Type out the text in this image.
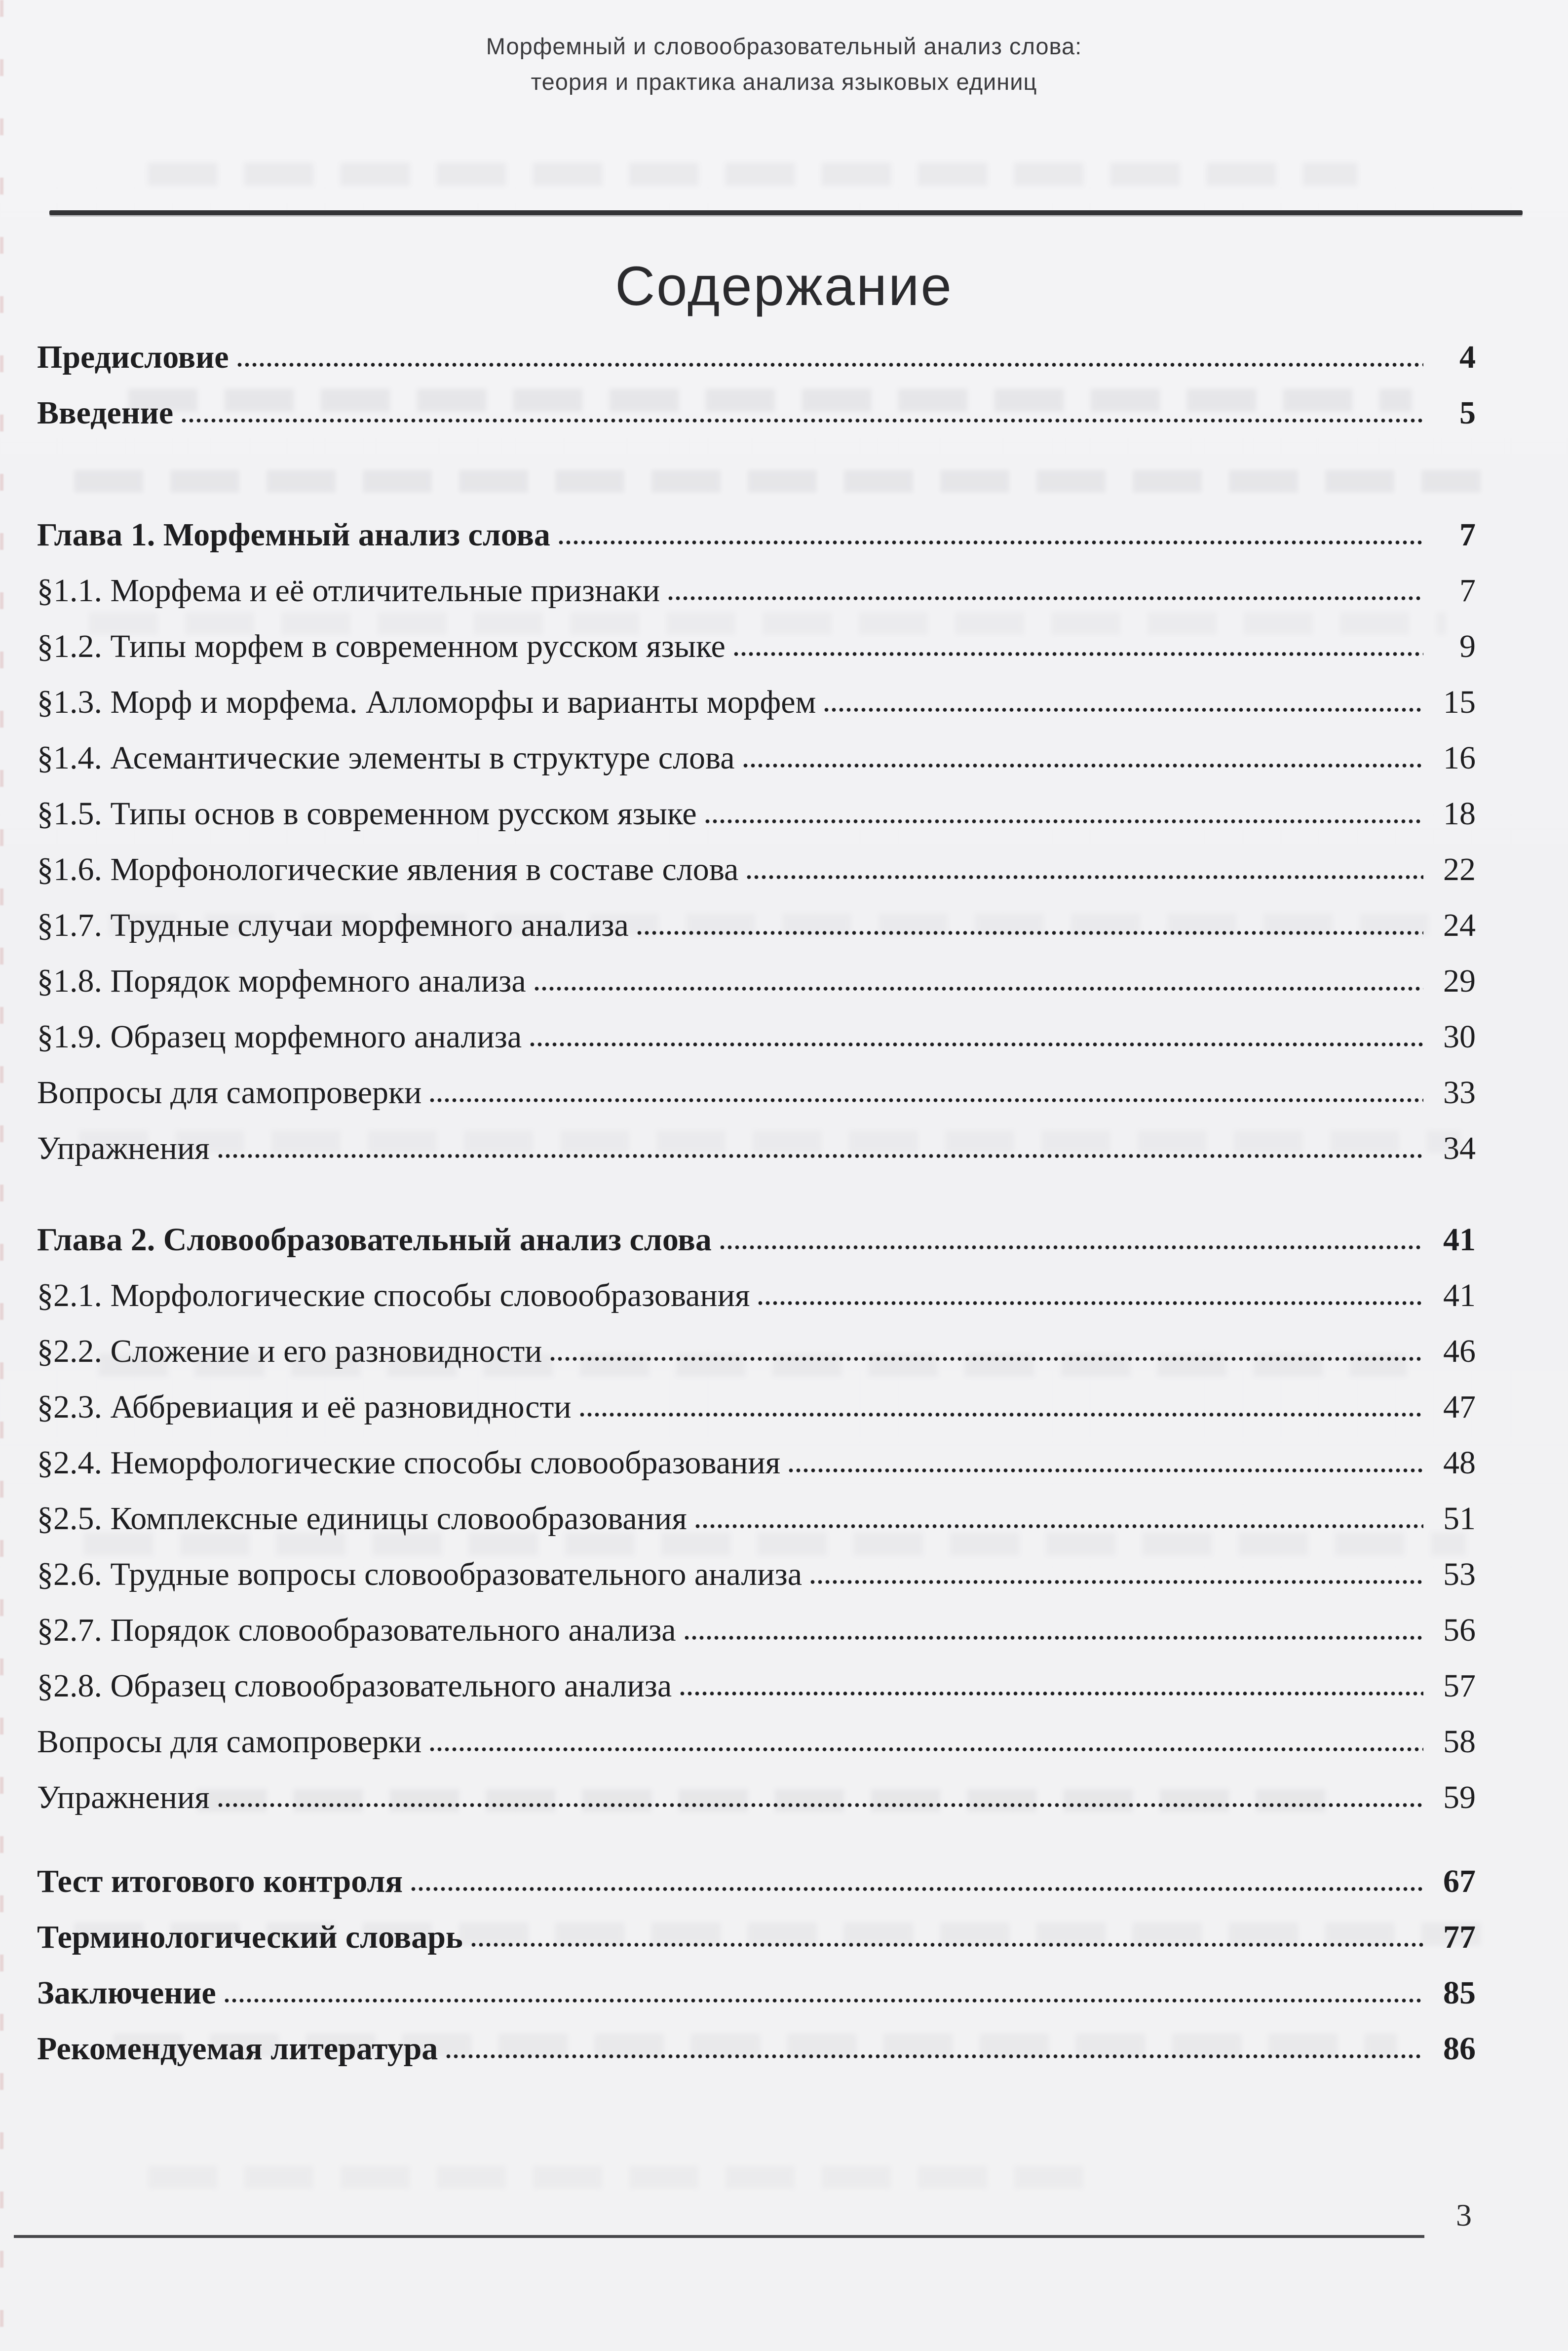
Морфемный и словообразовательный анализ слова:
теория и практика анализа языковых единиц
Содержание
Предисловие	4
Введение	5
Глава 1. Морфемный анализ слова	7
§1.1. Морфема и её отличительные признаки	7
§1.2. Типы морфем в современном русском языке	9
§1.3. Морф и морфема. Алломорфы и варианты морфем	15
§1.4. Асемантические элементы в структуре слова	16
§1.5. Типы основ в современном русском языке	18
§1.6. Морфонологические явления в составе слова	22
§1.7. Трудные случаи морфемного анализа	24
§1.8. Порядок морфемного анализа	29
§1.9. Образец морфемного анализа	30
Вопросы для самопроверки	33
Упражнения	34
Глава 2. Словообразовательный анализ слова	41
§2.1. Морфологические способы словообразования	41
§2.2. Сложение и его разновидности	46
§2.3. Аббревиация и её разновидности	47
§2.4. Неморфологические способы словообразования	48
§2.5. Комплексные единицы словообразования	51
§2.6. Трудные вопросы словообразовательного анализа	53
§2.7. Порядок словообразовательного анализа	56
§2.8. Образец словообразовательного анализа	57
Вопросы для самопроверки	58
Упражнения	59
Тест итогового контроля	67
Терминологический словарь	77
Заключение	85
Рекомендуемая литература	86
3
